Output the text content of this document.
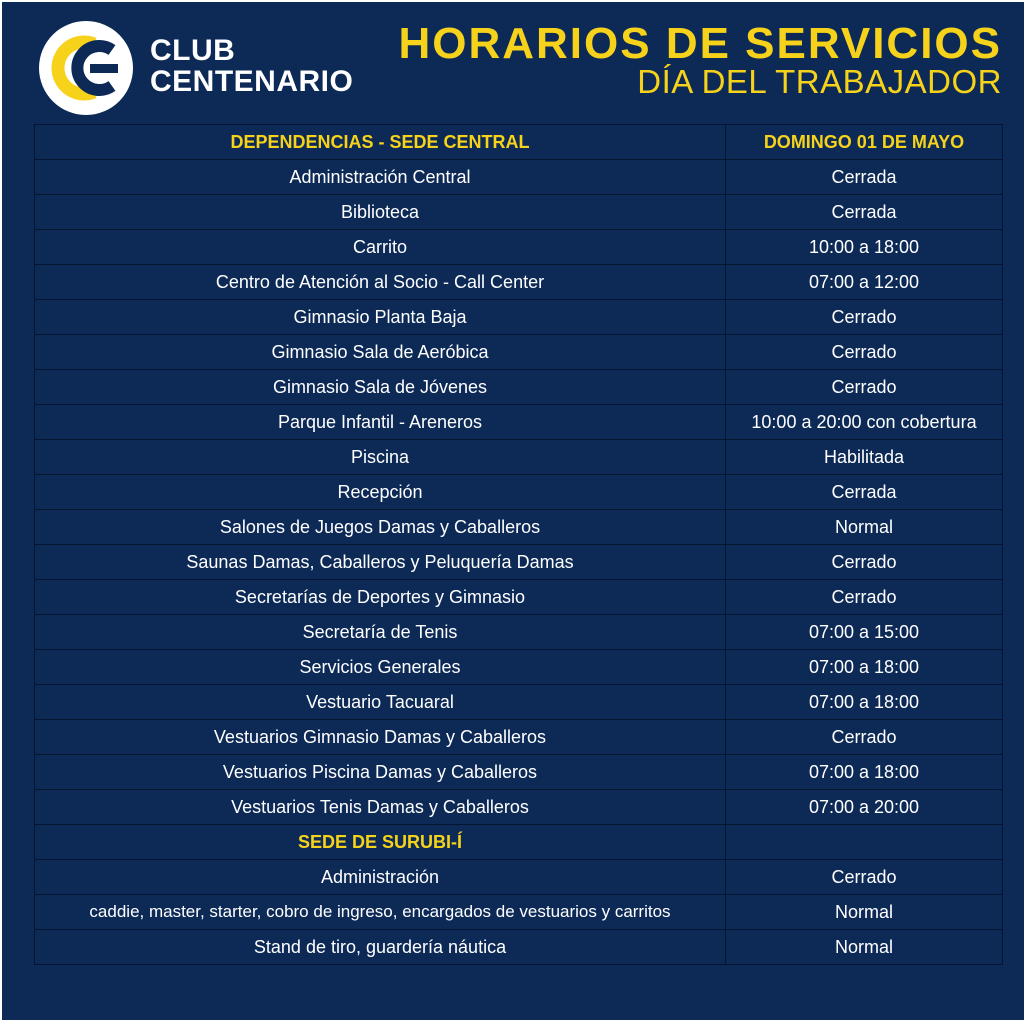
CLUB
CENTENARIO
HORARIOS DE SERVICIOS
DÍA DEL TRABAJADOR
DEPENDENCIAS - SEDE CENTRAL	DOMINGO 01 DE MAYO
Administración Central	Cerrada
Biblioteca	Cerrada
Carrito	10:00 a 18:00
Centro de Atención al Socio - Call Center	07:00 a 12:00
Gimnasio Planta Baja	Cerrado
Gimnasio Sala de Aeróbica	Cerrado
Gimnasio Sala de Jóvenes	Cerrado
Parque Infantil - Areneros	10:00 a 20:00 con cobertura
Piscina	Habilitada
Recepción	Cerrada
Salones de Juegos Damas y Caballeros	Normal
Saunas Damas, Caballeros y Peluquería Damas	Cerrado
Secretarías de Deportes y Gimnasio	Cerrado
Secretaría de Tenis	07:00 a 15:00
Servicios Generales	07:00 a 18:00
Vestuario Tacuaral	07:00 a 18:00
Vestuarios Gimnasio Damas y Caballeros	Cerrado
Vestuarios Piscina Damas y Caballeros	07:00 a 18:00
Vestuarios Tenis Damas y Caballeros	07:00 a 20:00
SEDE DE SURUBI-Í	
Administración	Cerrado
caddie, master, starter, cobro de ingreso, encargados de vestuarios y carritos	Normal
Stand de tiro, guardería náutica	Normal
